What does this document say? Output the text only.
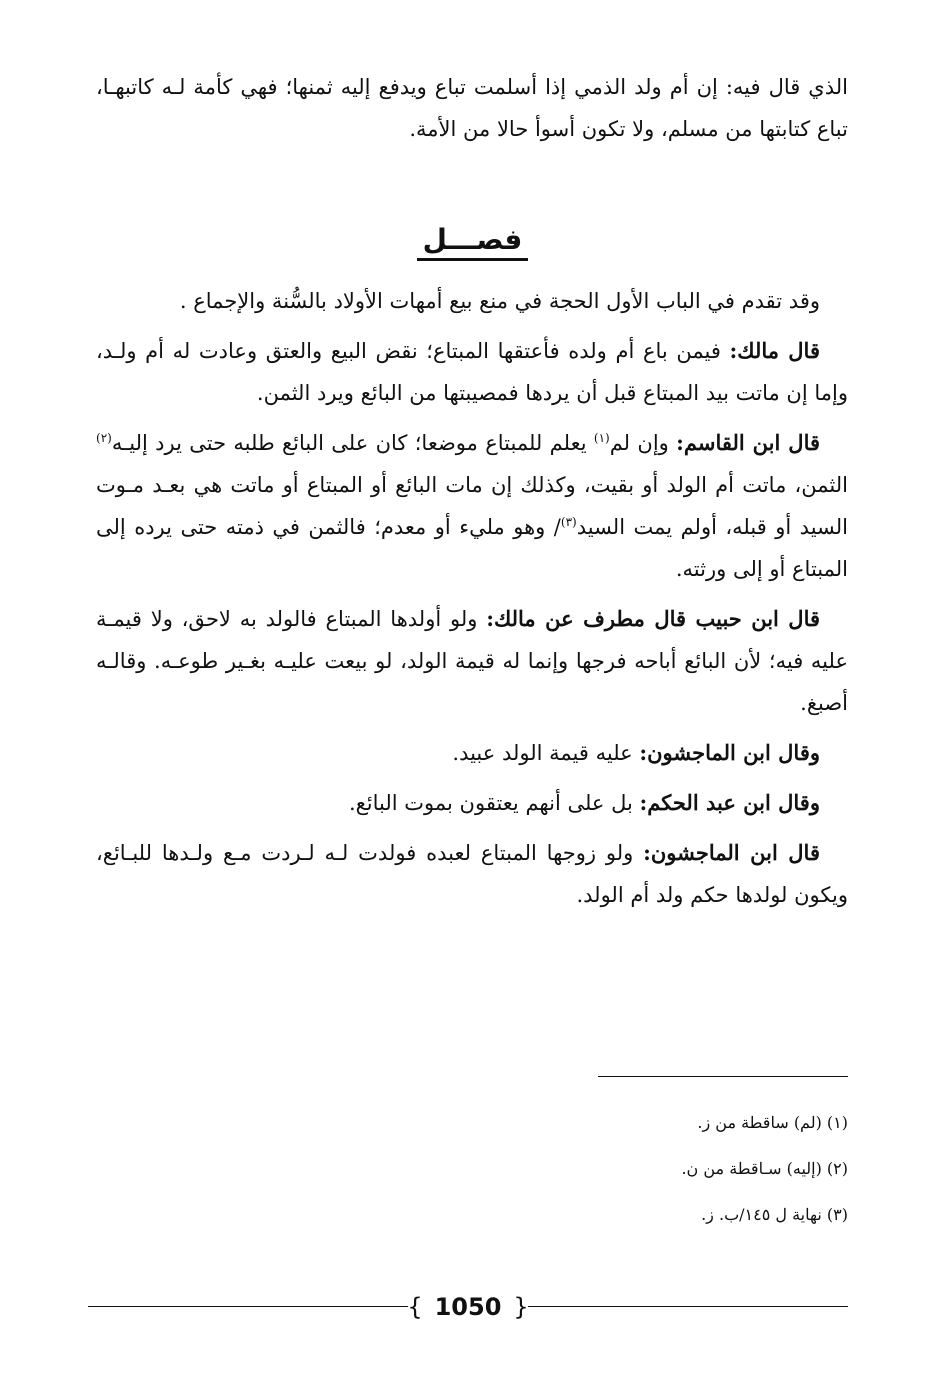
الذي قال فيه: إن أم ولد الذمي إذا أسلمت تباع ويدفع إليه ثمنها؛ فهي كأمة لـه كاتبهـا، تباع كتابتها من مسلم، ولا تكون أسوأ حالا من الأمة.

فصـــل

وقد تقدم في الباب الأول الحجة في منع بيع أمهات الأولاد بالسُّنة والإجماع .

قال مالك: فيمن باع أم ولده فأعتقها المبتاع؛ نقض البيع والعتق وعادت له أم ولـد، وإما إن ماتت بيد المبتاع قبل أن يردها فمصيبتها من البائع ويرد الثمن.

قال ابن القاسم: وإن لم$^{(١)}$ يعلم للمبتاع موضعا؛ كان على البائع طلبه حتى يرد إليـه$^{(٢)}$ الثمن، ماتت أم الولد أو بقيت، وكذلك إن مات البائع أو المبتاع أو ماتت هي بعـد مـوت السيد أو قبله، أولم يمت السيد$^{(٣)}$/ وهو مليء أو معدم؛ فالثمن في ذمته حتى يرده إلى المبتاع أو إلى ورثته.

قال ابن حبيب قال مطرف عن مالك: ولو أولدها المبتاع فالولد به لاحق، ولا قيمـة عليه فيه؛ لأن البائع أباحه فرجها وإنما له قيمة الولد، لو بيعت عليـه بغـير طوعـه. وقالـه أصبغ.

وقال ابن الماجشون: عليه قيمة الولد عبيد.

وقال ابن عبد الحكم: بل على أنهم يعتقون بموت البائع.

قال ابن الماجشون: ولو زوجها المبتاع لعبده فولدت لـه لـردت مـع ولـدها للبـائع، ويكون لولدها حكم ولد أم الولد.

(١) (لم) ساقطة من ز.

(٢) (إليه) سـاقطة من ن.

(٣) نهاية ل ١٤٥/ب. ز.

{ 1050 }
